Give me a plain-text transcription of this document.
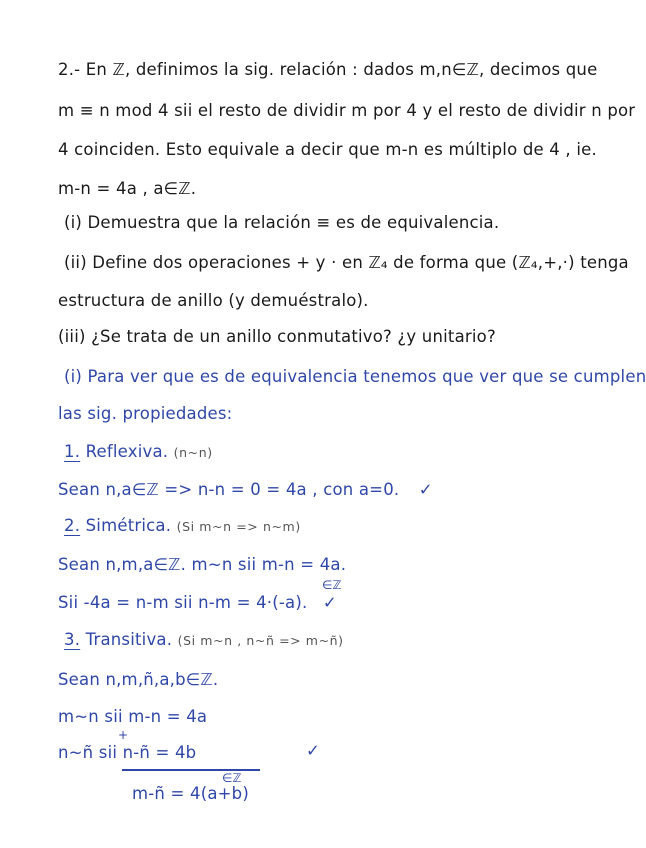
2.- En ℤ, definimos la sig. relación : dados m,n∈ℤ, decimos que
m ≡ n mod 4 sii el resto de dividir m por 4 y el resto de dividir n por
4 coinciden. Esto equivale a decir que m-n es múltiplo de 4 , ie.
m-n = 4a , a∈ℤ.
(i) Demuestra que la relación ≡ es de equivalencia.
(ii) Define dos operaciones + y · en ℤ₄ de forma que (ℤ₄,+,·) tenga
estructura de anillo (y demuéstralo).
(iii) ¿Se trata de un anillo conmutativo? ¿y unitario?
(i) Para ver que es de equivalencia tenemos que ver que se cumplen
las sig. propiedades:
1. Reflexiva. (n~n)
Sean n,a∈ℤ => n-n = 0 = 4a , con a=0. ✓
2. Simétrica. (Si m~n => n~m)
Sean n,m,a∈ℤ. m~n sii m-n = 4a.
∈ℤ
Sii -4a = n-m sii n-m = 4·(-a). ✓
3. Transitiva. (Si m~n , n~ñ => m~ñ)
Sean n,m,ñ,a,b∈ℤ.
m~n sii m-n = 4a
+
n~ñ sii n-ñ = 4b	✓
∈ℤ
m-ñ = 4(a+b)
